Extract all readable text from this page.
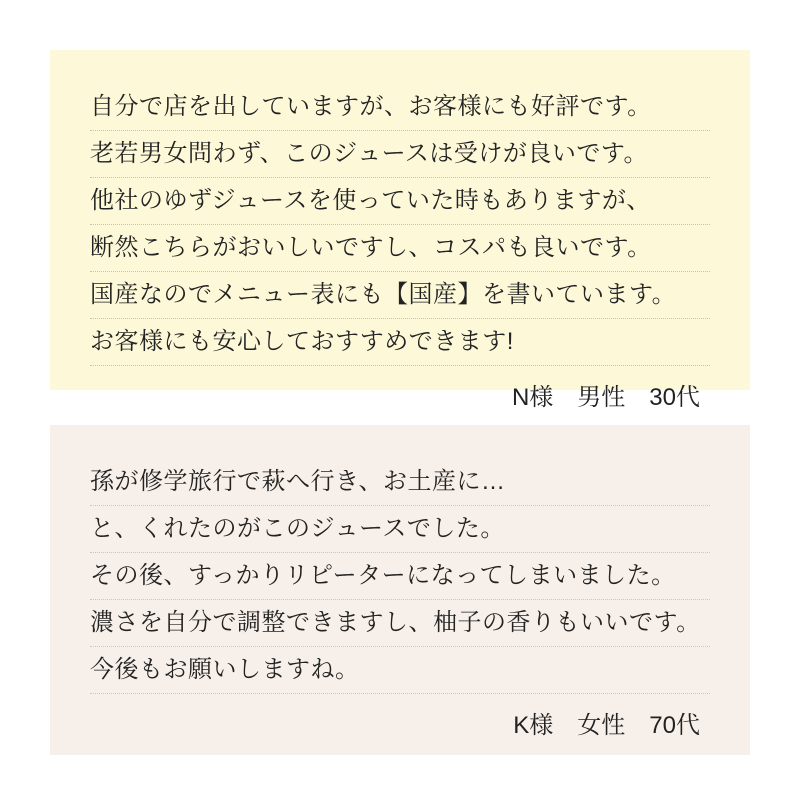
自分で店を出していますが、お客様にも好評です。
老若男女問わず、このジュースは受けが良いです。
他社のゆずジュースを使っていた時もありますが、
断然こちらがおいしいですし、コスパも良いです。
国産なのでメニュー表にも【国産】を書いています。
お客様にも安心しておすすめできます!
N様 男性 30代
孫が修学旅行で萩へ行き、お土産に…
と、くれたのがこのジュースでした。
その後、すっかりリピーターになってしまいました。
濃さを自分で調整できますし、柚子の香りもいいです。
今後もお願いしますね。
K様 女性 70代
